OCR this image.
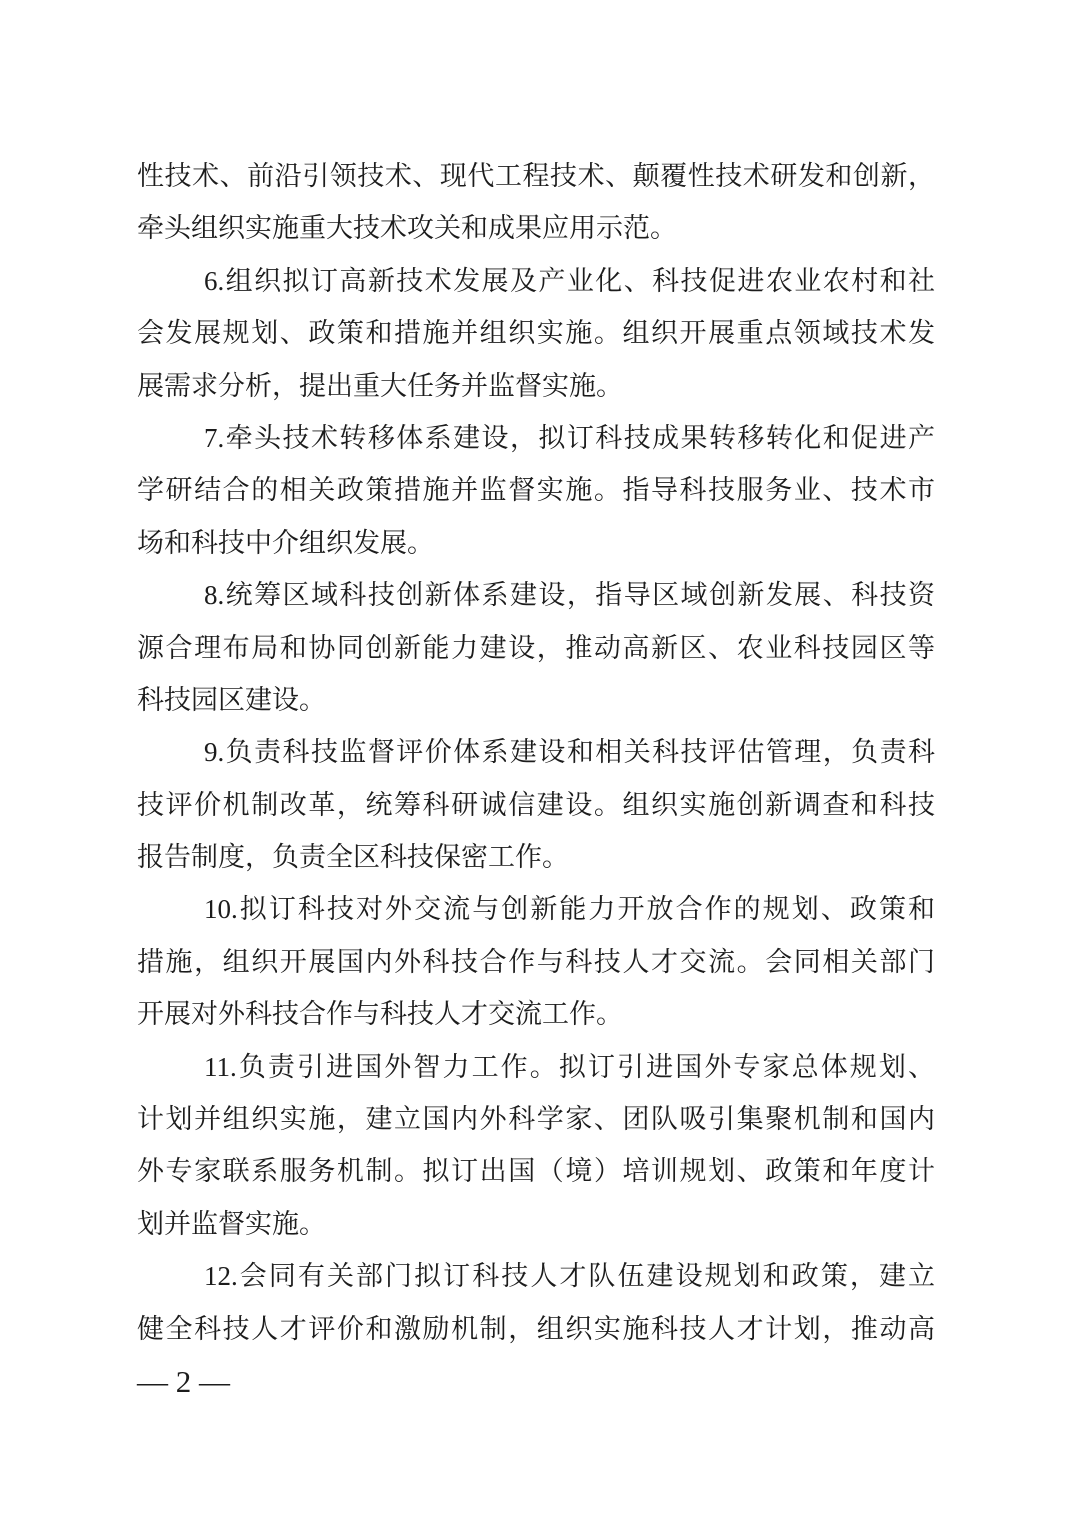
性技术、前沿引领技术、现代工程技术、颠覆性技术研发和创新，
牵头组织实施重大技术攻关和成果应用示范。
6.组织拟订高新技术发展及产业化、科技促进农业农村和社
会发展规划、政策和措施并组织实施。组织开展重点领域技术发
展需求分析，提出重大任务并监督实施。
7.牵头技术转移体系建设，拟订科技成果转移转化和促进产
学研结合的相关政策措施并监督实施。指导科技服务业、技术市
场和科技中介组织发展。
8.统筹区域科技创新体系建设，指导区域创新发展、科技资
源合理布局和协同创新能力建设，推动高新区、农业科技园区等
科技园区建设。
9.负责科技监督评价体系建设和相关科技评估管理，负责科
技评价机制改革，统筹科研诚信建设。组织实施创新调查和科技
报告制度，负责全区科技保密工作。
10.拟订科技对外交流与创新能力开放合作的规划、政策和
措施，组织开展国内外科技合作与科技人才交流。会同相关部门
开展对外科技合作与科技人才交流工作。
11.负责引进国外智力工作。拟订引进国外专家总体规划、
计划并组织实施，建立国内外科学家、团队吸引集聚机制和国内
外专家联系服务机制。拟订出国（境）培训规划、政策和年度计
划并监督实施。
12.会同有关部门拟订科技人才队伍建设规划和政策，建立
健全科技人才评价和激励机制，组织实施科技人才计划，推动高
— 2 —
